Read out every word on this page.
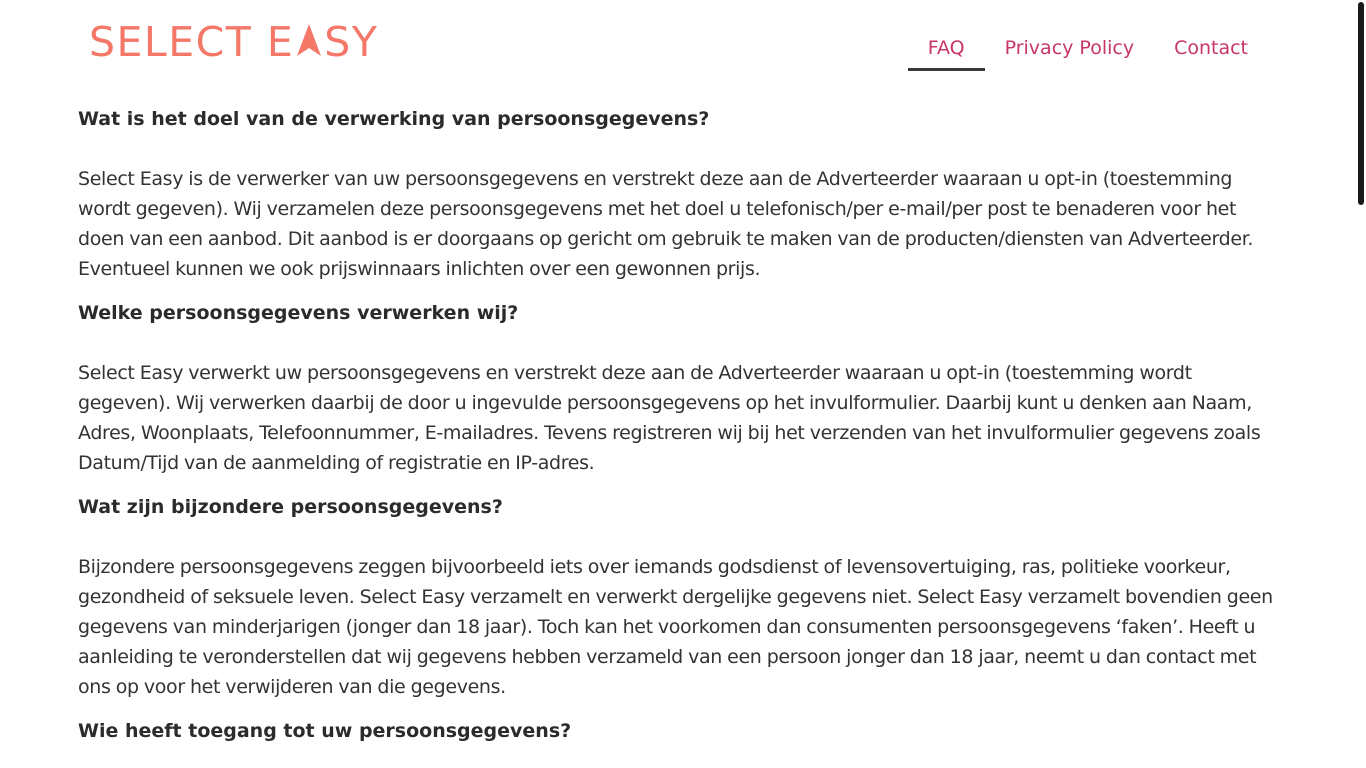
SELECT E SY	FAQ	Privacy Policy	Contact
Wat is het doel van de verwerking van persoonsgegevens?

Select Easy is de verwerker van uw persoonsgegevens en verstrekt deze aan de Adverteerder waaraan u opt-in (toestemming wordt gegeven). Wij verzamelen deze persoonsgegevens met het doel u telefonisch/per e-mail/per post te benaderen voor het doen van een aanbod. Dit aanbod is er doorgaans op gericht om gebruik te maken van de producten/diensten van Adverteerder. Eventueel kunnen we ook prijswinnaars inlichten over een gewonnen prijs.

Welke persoonsgegevens verwerken wij?

Select Easy verwerkt uw persoonsgegevens en verstrekt deze aan de Adverteerder waaraan u opt-in (toestemming wordt gegeven). Wij verwerken daarbij de door u ingevulde persoonsgegevens op het invulformulier. Daarbij kunt u denken aan Naam, Adres, Woonplaats, Telefoonnummer, E-mailadres. Tevens registreren wij bij het verzenden van het invulformulier gegevens zoals Datum/Tijd van de aanmelding of registratie en IP-adres.

Wat zijn bijzondere persoonsgegevens?

Bijzondere persoonsgegevens zeggen bijvoorbeeld iets over iemands godsdienst of levensovertuiging, ras, politieke voorkeur, gezondheid of seksuele leven. Select Easy verzamelt en verwerkt dergelijke gegevens niet. Select Easy verzamelt bovendien geen gegevens van minderjarigen (jonger dan 18 jaar). Toch kan het voorkomen dan consumenten persoonsgegevens ‘faken’. Heeft u aanleiding te veronderstellen dat wij gegevens hebben verzameld van een persoon jonger dan 18 jaar, neemt u dan contact met ons op voor het verwijderen van die gegevens.

Wie heeft toegang tot uw persoonsgegevens?
